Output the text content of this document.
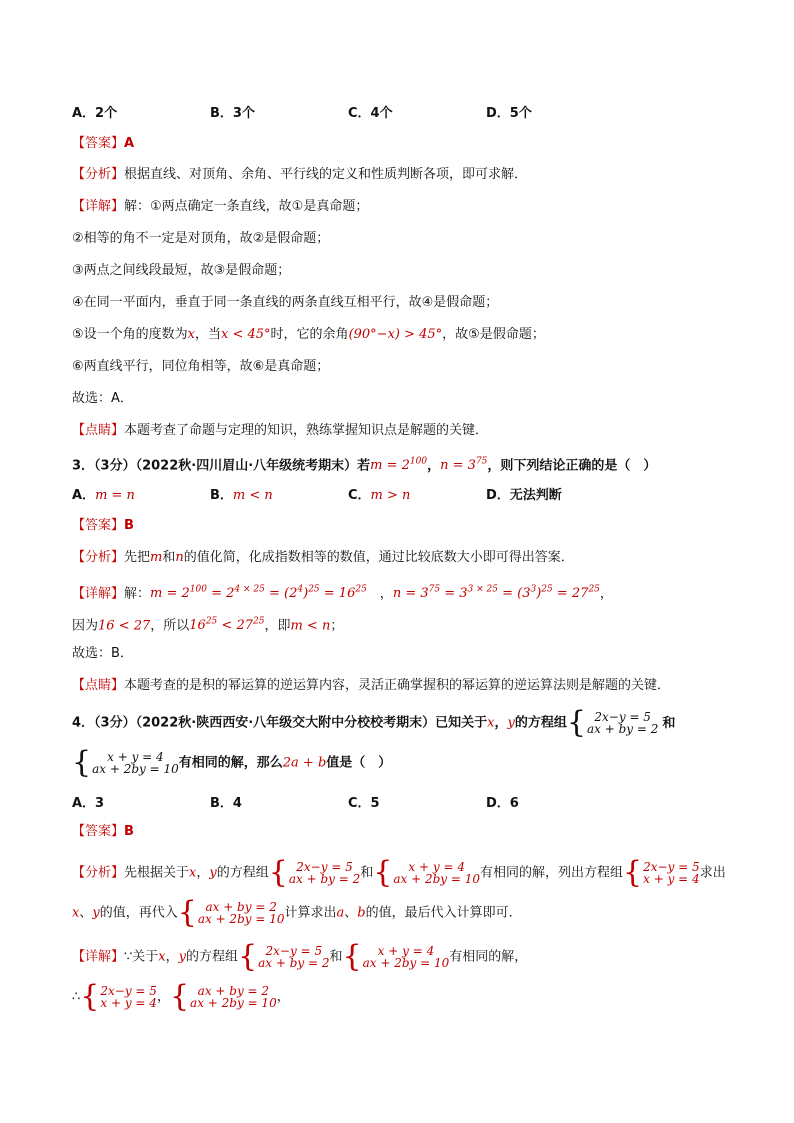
A．2个	B．3个	C．4个	D．5个
【答案】A
【分析】根据直线、对顶角、余角、平行线的定义和性质判断各项，即可求解．
【详解】解：①两点确定一条直线，故①是真命题；
②相等的角不一定是对顶角，故②是假命题；
③两点之间线段最短，故③是假命题；
④在同一平面内，垂直于同一条直线的两条直线互相平行，故④是假命题；
⑤设一个角的度数为x，当x < 45°时，它的余角(90°−x) > 45°，故⑤是假命题；
⑥两直线平行，同位角相等，故⑥是真命题；
故选：A．
【点睛】本题考查了命题与定理的知识，熟练掌握知识点是解题的关键．
3．（3分）（2022秋·四川眉山·八年级统考期末）若$m = 2^{100}$，$n = 3^{75}$，则下列结论正确的是（　）
A．m = n	B．m < n	C．m > n	D．无法判断
【答案】B
【分析】先把m和n的值化简，化成指数相等的数值，通过比较底数大小即可得出答案．
【详解】解：$m = 2^{100} = 2^{4 \times 25} = (2^4)^{25} = 16^{25}$　，$n = 3^{75} = 3^{3 \times 25} = (3^3)^{25} = 27^{25}$，
因为16 < 27，所以$16^{25} < 27^{25}$，即m < n；
故选：B．
【点睛】本题考查的是积的幂运算的逆运算内容，灵活正确掌握积的幂运算的逆运算法则是解题的关键．
4．（3分）（2022秋·陕西西安·八年级交大附中分校校考期末）已知关于x，y的方程组{ 2x−y = 5
ax + by = 2 和
{	x + y = 4
ax + 2by = 10 有相同的解，那么2a + b值是（　）
A．3	B．4	C．5	D．6
【答案】B
【分析】先根据关于x，y的方程组{ 2x−y = 5
ax + by = 2 和{	x + y = 4
ax + 2by = 10 有相同的解，列出方程组{ 2x−y = 5
x + y = 4 求出
x、y的值，再代入{ ax + by = 2
ax + 2by = 10 计算求出a、b的值，最后代入计算即可．
【详解】∵关于x，y的方程组{ 2x−y = 5
ax + by = 2 和{	x + y = 4
ax + 2by = 10 有相同的解，
∴{ 2x−y = 5
x + y = 4 ，{ ax + by = 2
ax + 2by = 10 ，
